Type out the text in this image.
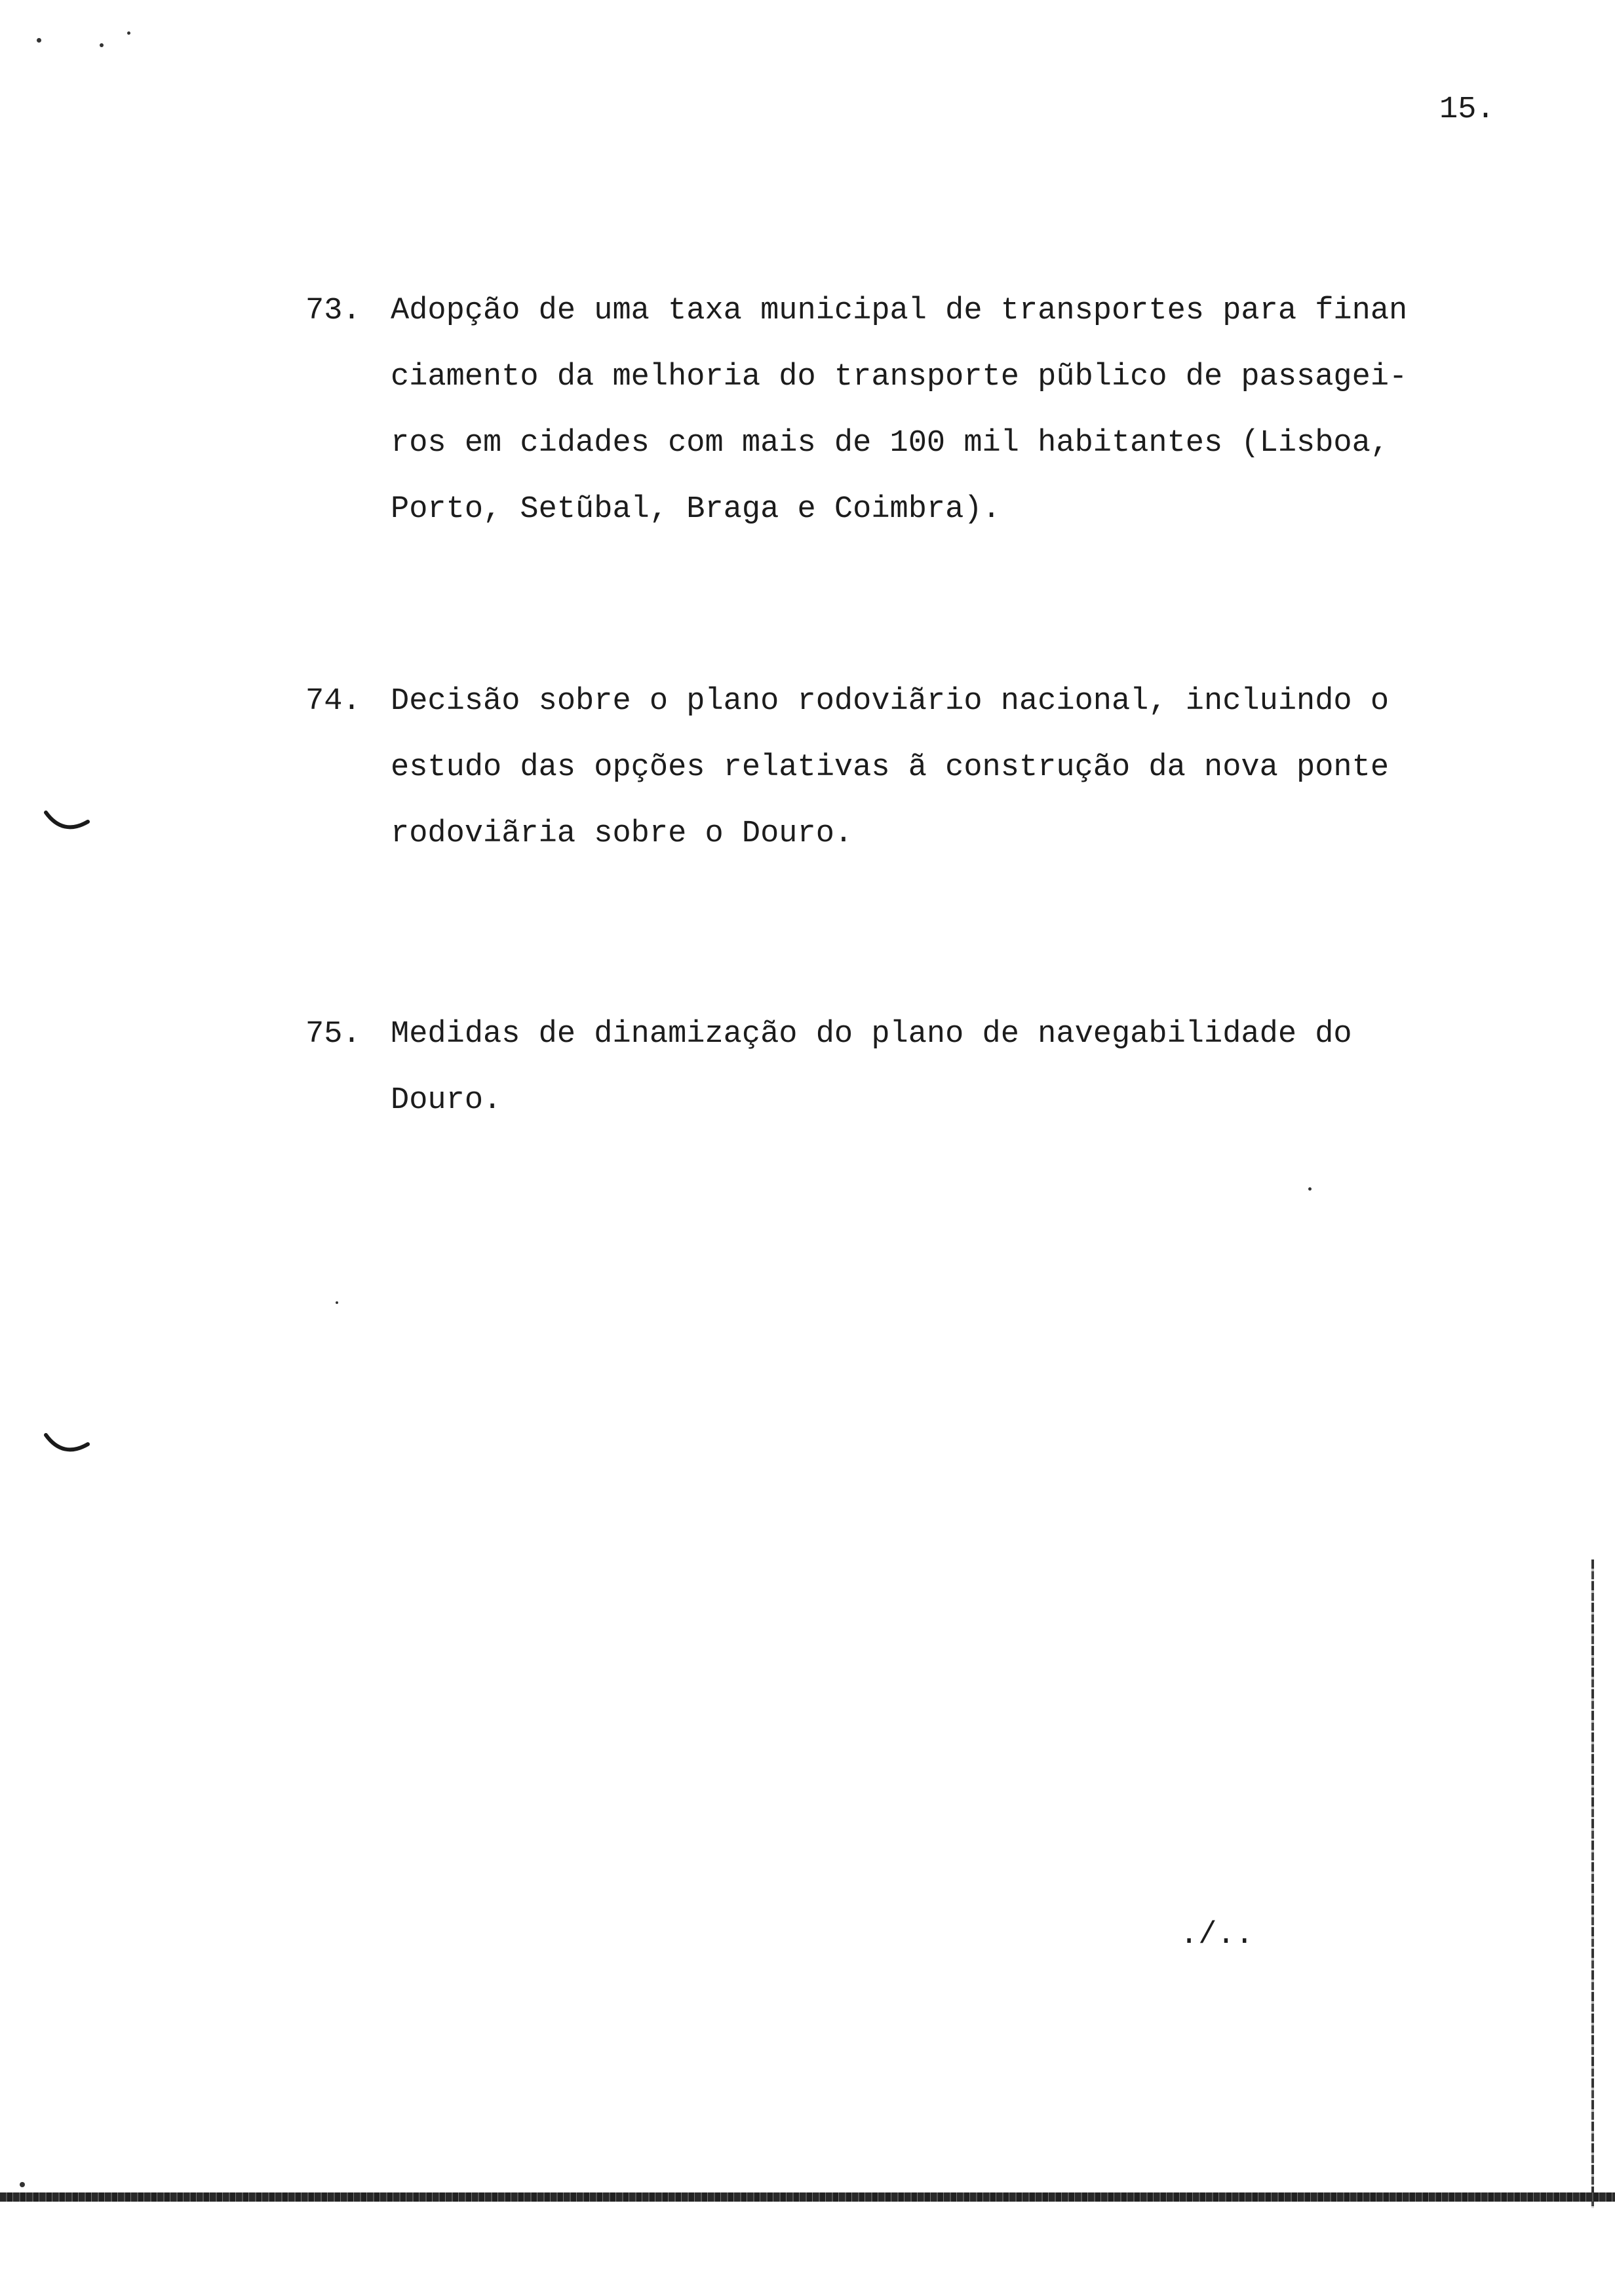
15.
73. Adopção de uma taxa municipal de transportes para finan
ciamento da melhoria do transporte pũblico de passagei-
ros em cidades com mais de 100 mil habitantes (Lisboa,
Porto, Setũbal, Braga e Coimbra).

74. Decisão sobre o plano rodoviãrio nacional, incluindo o
estudo das opções relativas ã construção da nova ponte
rodoviãria sobre o Douro.

75. Medidas de dinamização do plano de navegabilidade do
Douro.

./..
